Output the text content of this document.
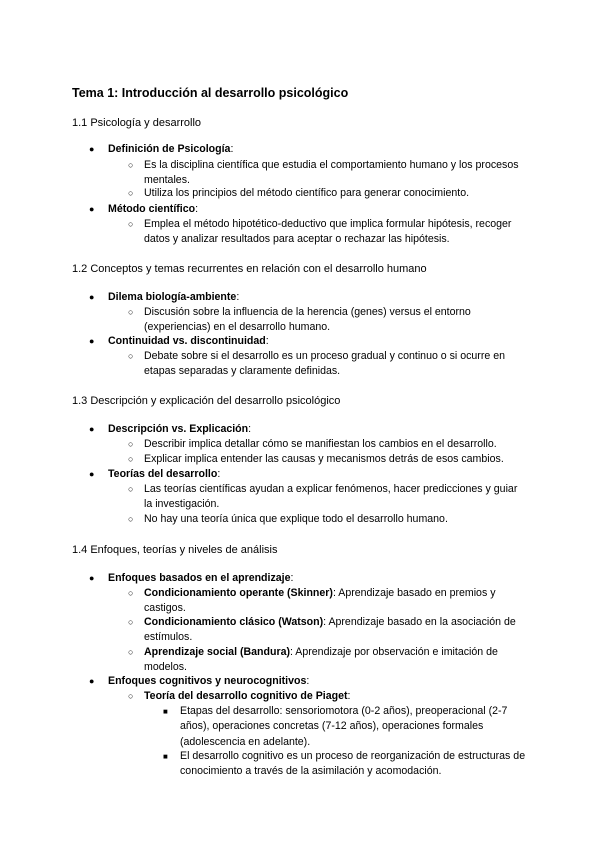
Tema 1: Introducción al desarrollo psicológico
1.1 Psicología y desarrollo
● Definición de Psicología:
○ Es la disciplina científica que estudia el comportamiento humano y los procesos mentales.
○ Utiliza los principios del método científico para generar conocimiento.
● Método científico:
○ Emplea el método hipotético-deductivo que implica formular hipótesis, recoger datos y analizar resultados para aceptar o rechazar las hipótesis.
1.2 Conceptos y temas recurrentes en relación con el desarrollo humano
● Dilema biología-ambiente:
○ Discusión sobre la influencia de la herencia (genes) versus el entorno (experiencias) en el desarrollo humano.
● Continuidad vs. discontinuidad:
○ Debate sobre si el desarrollo es un proceso gradual y continuo o si ocurre en etapas separadas y claramente definidas.
1.3 Descripción y explicación del desarrollo psicológico
● Descripción vs. Explicación:
○ Describir implica detallar cómo se manifiestan los cambios en el desarrollo.
○ Explicar implica entender las causas y mecanismos detrás de esos cambios.
● Teorías del desarrollo:
○ Las teorías científicas ayudan a explicar fenómenos, hacer predicciones y guiar la investigación.
○ No hay una teoría única que explique todo el desarrollo humano.
1.4 Enfoques, teorías y niveles de análisis
● Enfoques basados en el aprendizaje:
○ Condicionamiento operante (Skinner): Aprendizaje basado en premios y castigos.
○ Condicionamiento clásico (Watson): Aprendizaje basado en la asociación de estímulos.
○ Aprendizaje social (Bandura): Aprendizaje por observación e imitación de modelos.
● Enfoques cognitivos y neurocognitivos:
○ Teoría del desarrollo cognitivo de Piaget:
■ Etapas del desarrollo: sensoriomotora (0-2 años), preoperacional (2-7 años), operaciones concretas (7-12 años), operaciones formales (adolescencia en adelante).
■ El desarrollo cognitivo es un proceso de reorganización de estructuras de conocimiento a través de la asimilación y acomodación.
